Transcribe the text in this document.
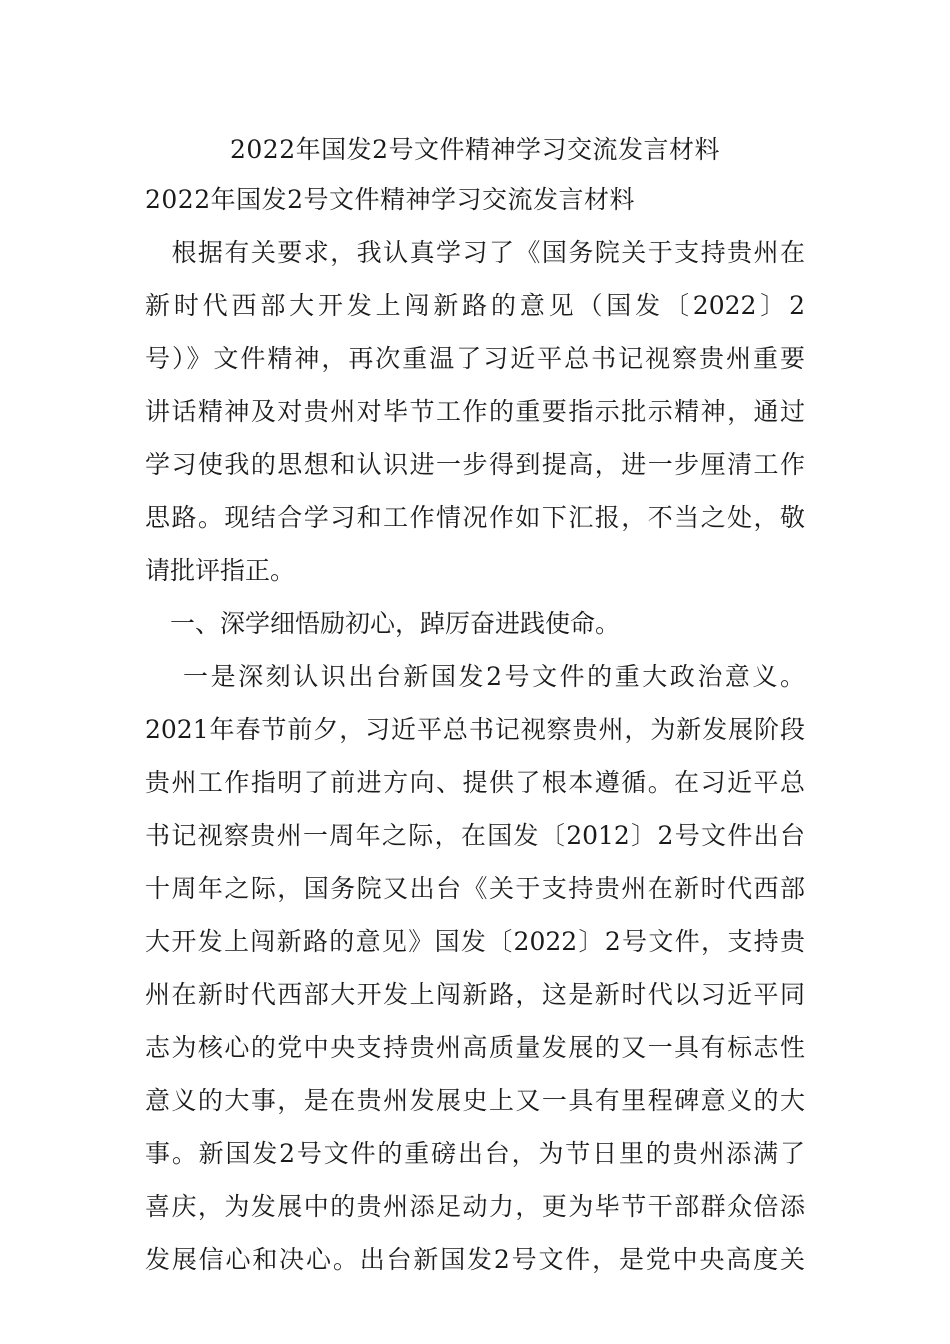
2022年国发2号文件精神学习交流发言材料
2022年国发2号文件精神学习交流发言材料
　根据有关要求，我认真学习了《国务院关于支持贵州在
新时代西部大开发上闯新路的意见（国发〔2022〕2
号）》文件精神，再次重温了习近平总书记视察贵州重要
讲话精神及对贵州对毕节工作的重要指示批示精神，通过
学习使我的思想和认识进一步得到提高，进一步厘清工作
思路。现结合学习和工作情况作如下汇报，不当之处，敬
请批评指正。
　一、深学细悟励初心，踔厉奋进践使命。
　 一是深刻认识出台新国发2号文件的重大政治意义。
2021年春节前夕，习近平总书记视察贵州，为新发展阶段
贵州工作指明了前进方向、提供了根本遵循。在习近平总
书记视察贵州一周年之际，在国发〔2012〕2号文件出台
十周年之际，国务院又出台《关于支持贵州在新时代西部
大开发上闯新路的意见》国发〔2022〕2号文件，支持贵
州在新时代西部大开发上闯新路，这是新时代以习近平同
志为核心的党中央支持贵州高质量发展的又一具有标志性
意义的大事，是在贵州发展史上又一具有里程碑意义的大
事。新国发2号文件的重磅出台，为节日里的贵州添满了
喜庆，为发展中的贵州添足动力，更为毕节干部群众倍添
发展信心和决心。出台新国发2号文件，是党中央高度关
